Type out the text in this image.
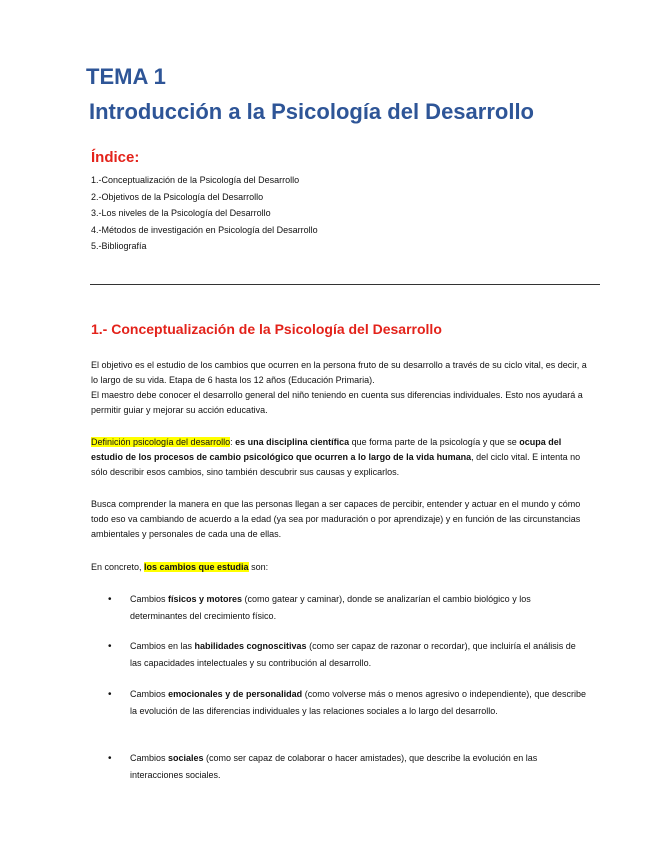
TEMA 1
Introducción a la Psicología del Desarrollo
Índice:
1.-Conceptualización de la Psicología del Desarrollo
2.-Objetivos de la Psicología del Desarrollo
3.-Los niveles de la Psicología del Desarrollo
4.-Métodos de investigación en Psicología del Desarrollo
5.-Bibliografía
1.- Conceptualización de la Psicología del Desarrollo
El objetivo es el estudio de los cambios que ocurren en la persona fruto de su desarrollo a través de su ciclo vital, es decir, a lo largo de su vida. Etapa de 6 hasta los 12 años (Educación Primaria).
El maestro debe conocer el desarrollo general del niño teniendo en cuenta sus diferencias individuales. Esto nos ayudará a permitir guiar y mejorar su acción educativa.

Definición psicología del desarrollo: es una disciplina científica que forma parte de la psicología y que se ocupa del estudio de los procesos de cambio psicológico que ocurren a lo largo de la vida humana, del ciclo vital. E intenta no sólo describir esos cambios, sino también descubrir sus causas y explicarlos.

Busca comprender la manera en que las personas llegan a ser capaces de percibir, entender y actuar en el mundo y cómo todo eso va cambiando de acuerdo a la edad (ya sea por maduración o por aprendizaje) y en función de las circunstancias ambientales y personales de cada una de ellas.

En concreto, los cambios que estudia son:

• Cambios físicos y motores (como gatear y caminar), donde se analizarían el cambio biológico y los determinantes del crecimiento físico.
• Cambios en las habilidades cognoscitivas (como ser capaz de razonar o recordar), que incluiría el análisis de las capacidades intelectuales y su contribución al desarrollo.
• Cambios emocionales y de personalidad (como volverse más o menos agresivo o independiente), que describe la evolución de las diferencias individuales y las relaciones sociales a lo largo del desarrollo.
• Cambios sociales (como ser capaz de colaborar o hacer amistades), que describe la evolución en las interacciones sociales.
